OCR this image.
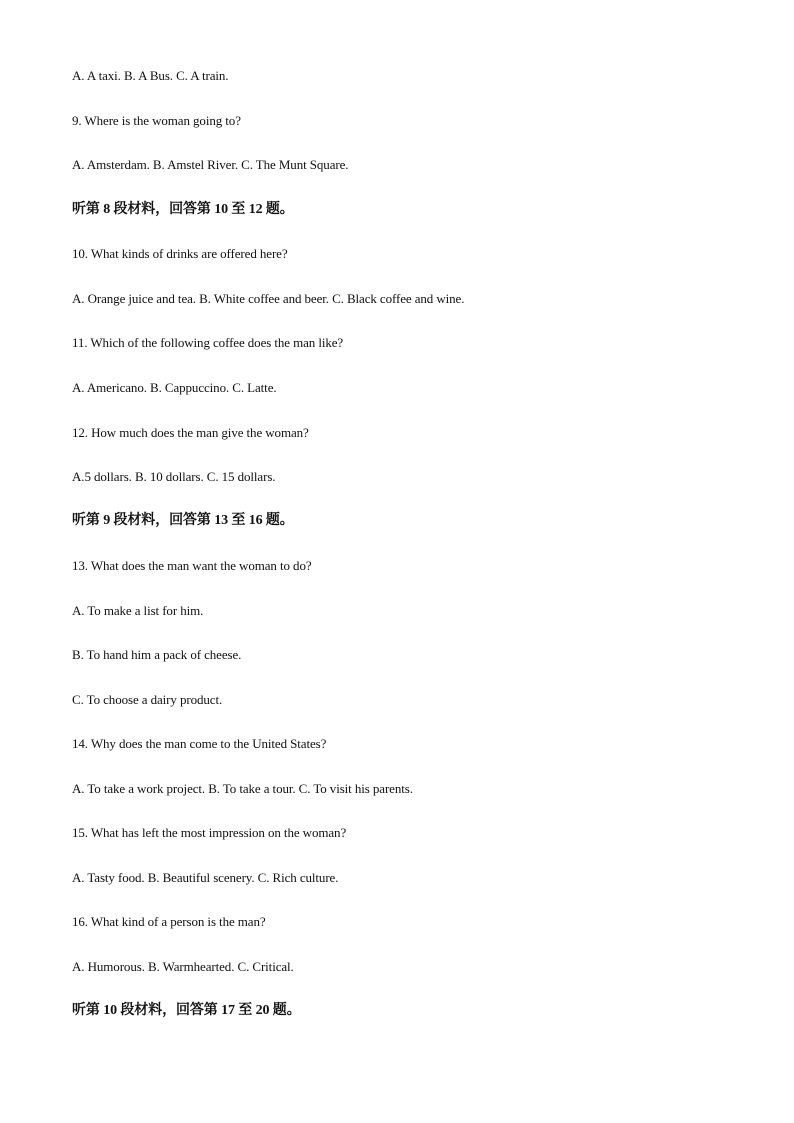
A. A taxi. B. A Bus. C. A train.
9. Where is the woman going to?
A. Amsterdam. B. Amstel River. C. The Munt Square.
听第 8 段材料，回答第 10 至 12 题。
10. What kinds of drinks are offered here?
A. Orange juice and tea. B. White coffee and beer. C. Black coffee and wine.
11. Which of the following coffee does the man like?
A. Americano. B. Cappuccino. C. Latte.
12. How much does the man give the woman?
A.5 dollars. B. 10 dollars. C. 15 dollars.
听第 9 段材料，回答第 13 至 16 题。
13. What does the man want the woman to do?
A. To make a list for him.
B. To hand him a pack of cheese.
C. To choose a dairy product.
14. Why does the man come to the United States?
A. To take a work project. B. To take a tour. C. To visit his parents.
15. What has left the most impression on the woman?
A. Tasty food. B. Beautiful scenery. C. Rich culture.
16. What kind of a person is the man?
A. Humorous. B. Warmhearted. C. Critical.
听第 10 段材料，回答第 17 至 20 题。
